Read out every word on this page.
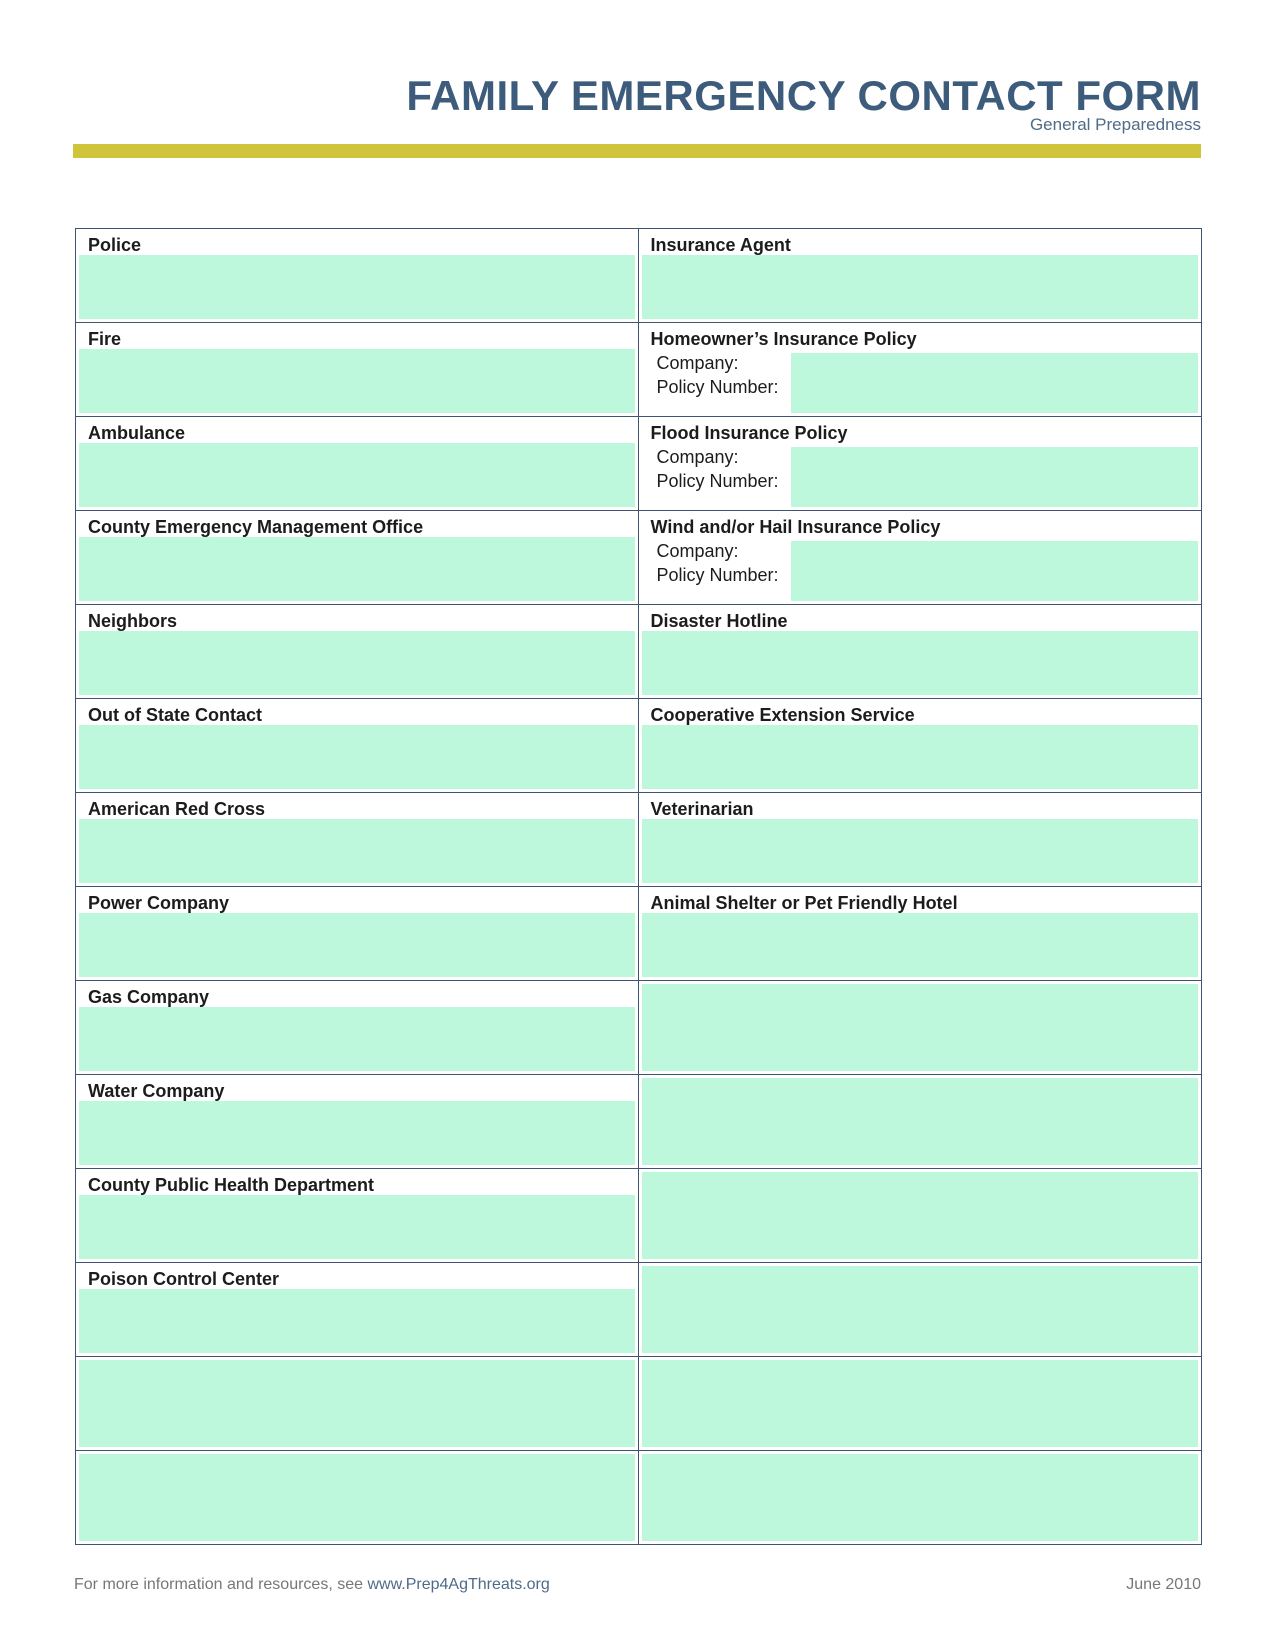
FAMILY EMERGENCY CONTACT FORM
General Preparedness
Police	Insurance Agent
Fire	Homeowner’s Insurance Policy
Company:
Policy Number:
Ambulance	Flood Insurance Policy
Company:
Policy Number:
County Emergency Management Office	Wind and/or Hail Insurance Policy
Company:
Policy Number:
Neighbors	Disaster Hotline
Out of State Contact	Cooperative Extension Service
American Red Cross	Veterinarian
Power Company	Animal Shelter or Pet Friendly Hotel
Gas Company
Water Company
County Public Health Department
Poison Control Center
For more information and resources, see www.Prep4AgThreats.org	June 2010
